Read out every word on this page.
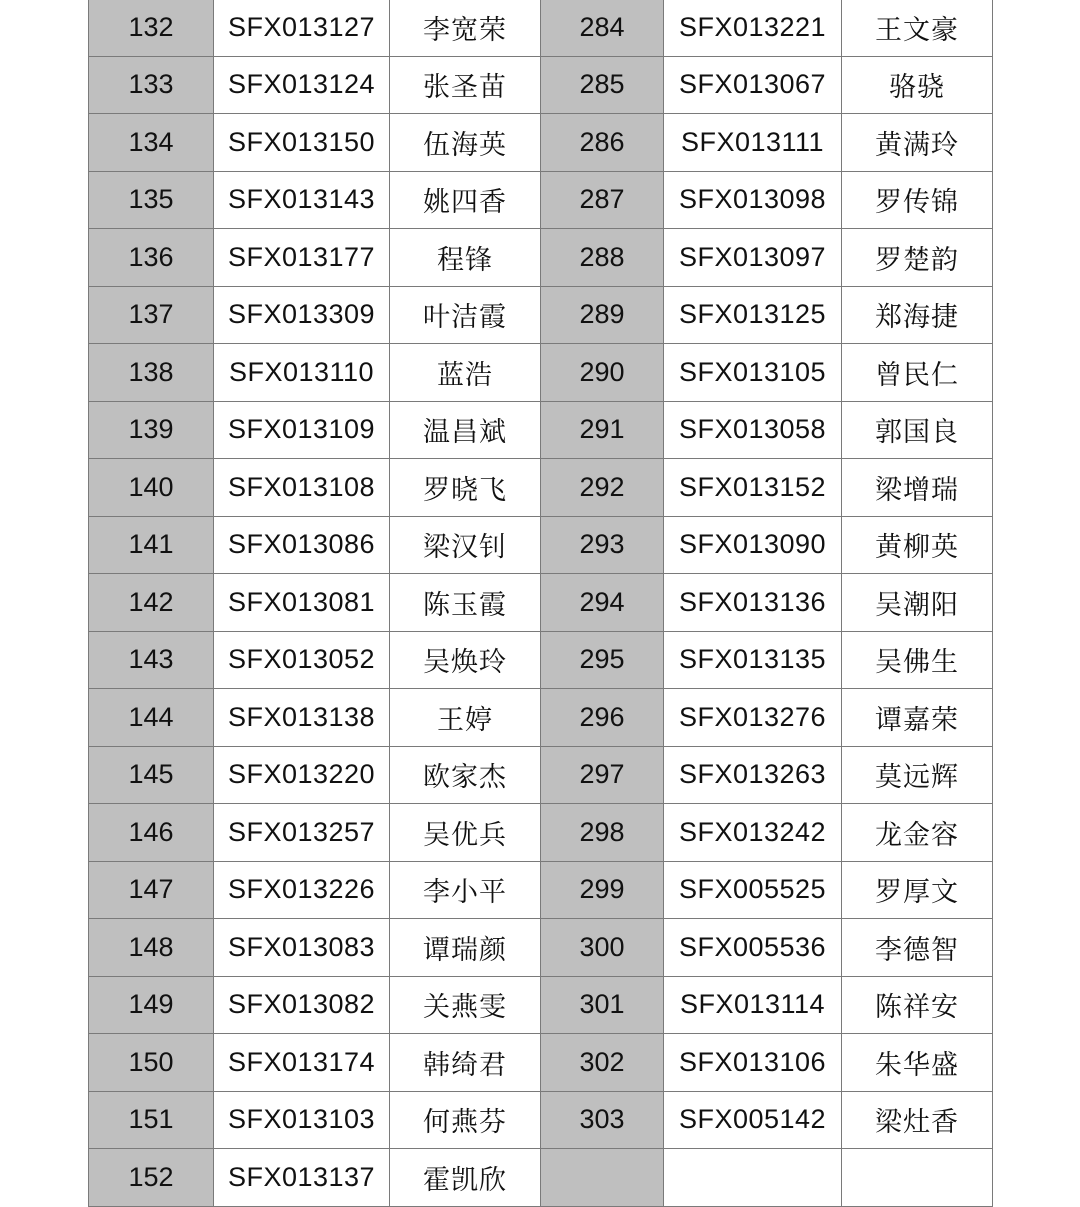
132	SFX013127	李宽荣	284	SFX013221	王文豪
133	SFX013124	张圣苗	285	SFX013067	骆骁
134	SFX013150	伍海英	286	SFX013111	黄满玲
135	SFX013143	姚四香	287	SFX013098	罗传锦
136	SFX013177	程锋	288	SFX013097	罗楚韵
137	SFX013309	叶洁霞	289	SFX013125	郑海捷
138	SFX013110	蓝浩	290	SFX013105	曾民仁
139	SFX013109	温昌斌	291	SFX013058	郭国良
140	SFX013108	罗晓飞	292	SFX013152	梁增瑞
141	SFX013086	梁汉钊	293	SFX013090	黄柳英
142	SFX013081	陈玉霞	294	SFX013136	吴潮阳
143	SFX013052	吴焕玲	295	SFX013135	吴佛生
144	SFX013138	王婷	296	SFX013276	谭嘉荣
145	SFX013220	欧家杰	297	SFX013263	莫远辉
146	SFX013257	吴优兵	298	SFX013242	龙金容
147	SFX013226	李小平	299	SFX005525	罗厚文
148	SFX013083	谭瑞颜	300	SFX005536	李德智
149	SFX013082	关燕雯	301	SFX013114	陈祥安
150	SFX013174	韩绮君	302	SFX013106	朱华盛
151	SFX013103	何燕芬	303	SFX005142	梁灶香
152	SFX013137	霍凯欣			
